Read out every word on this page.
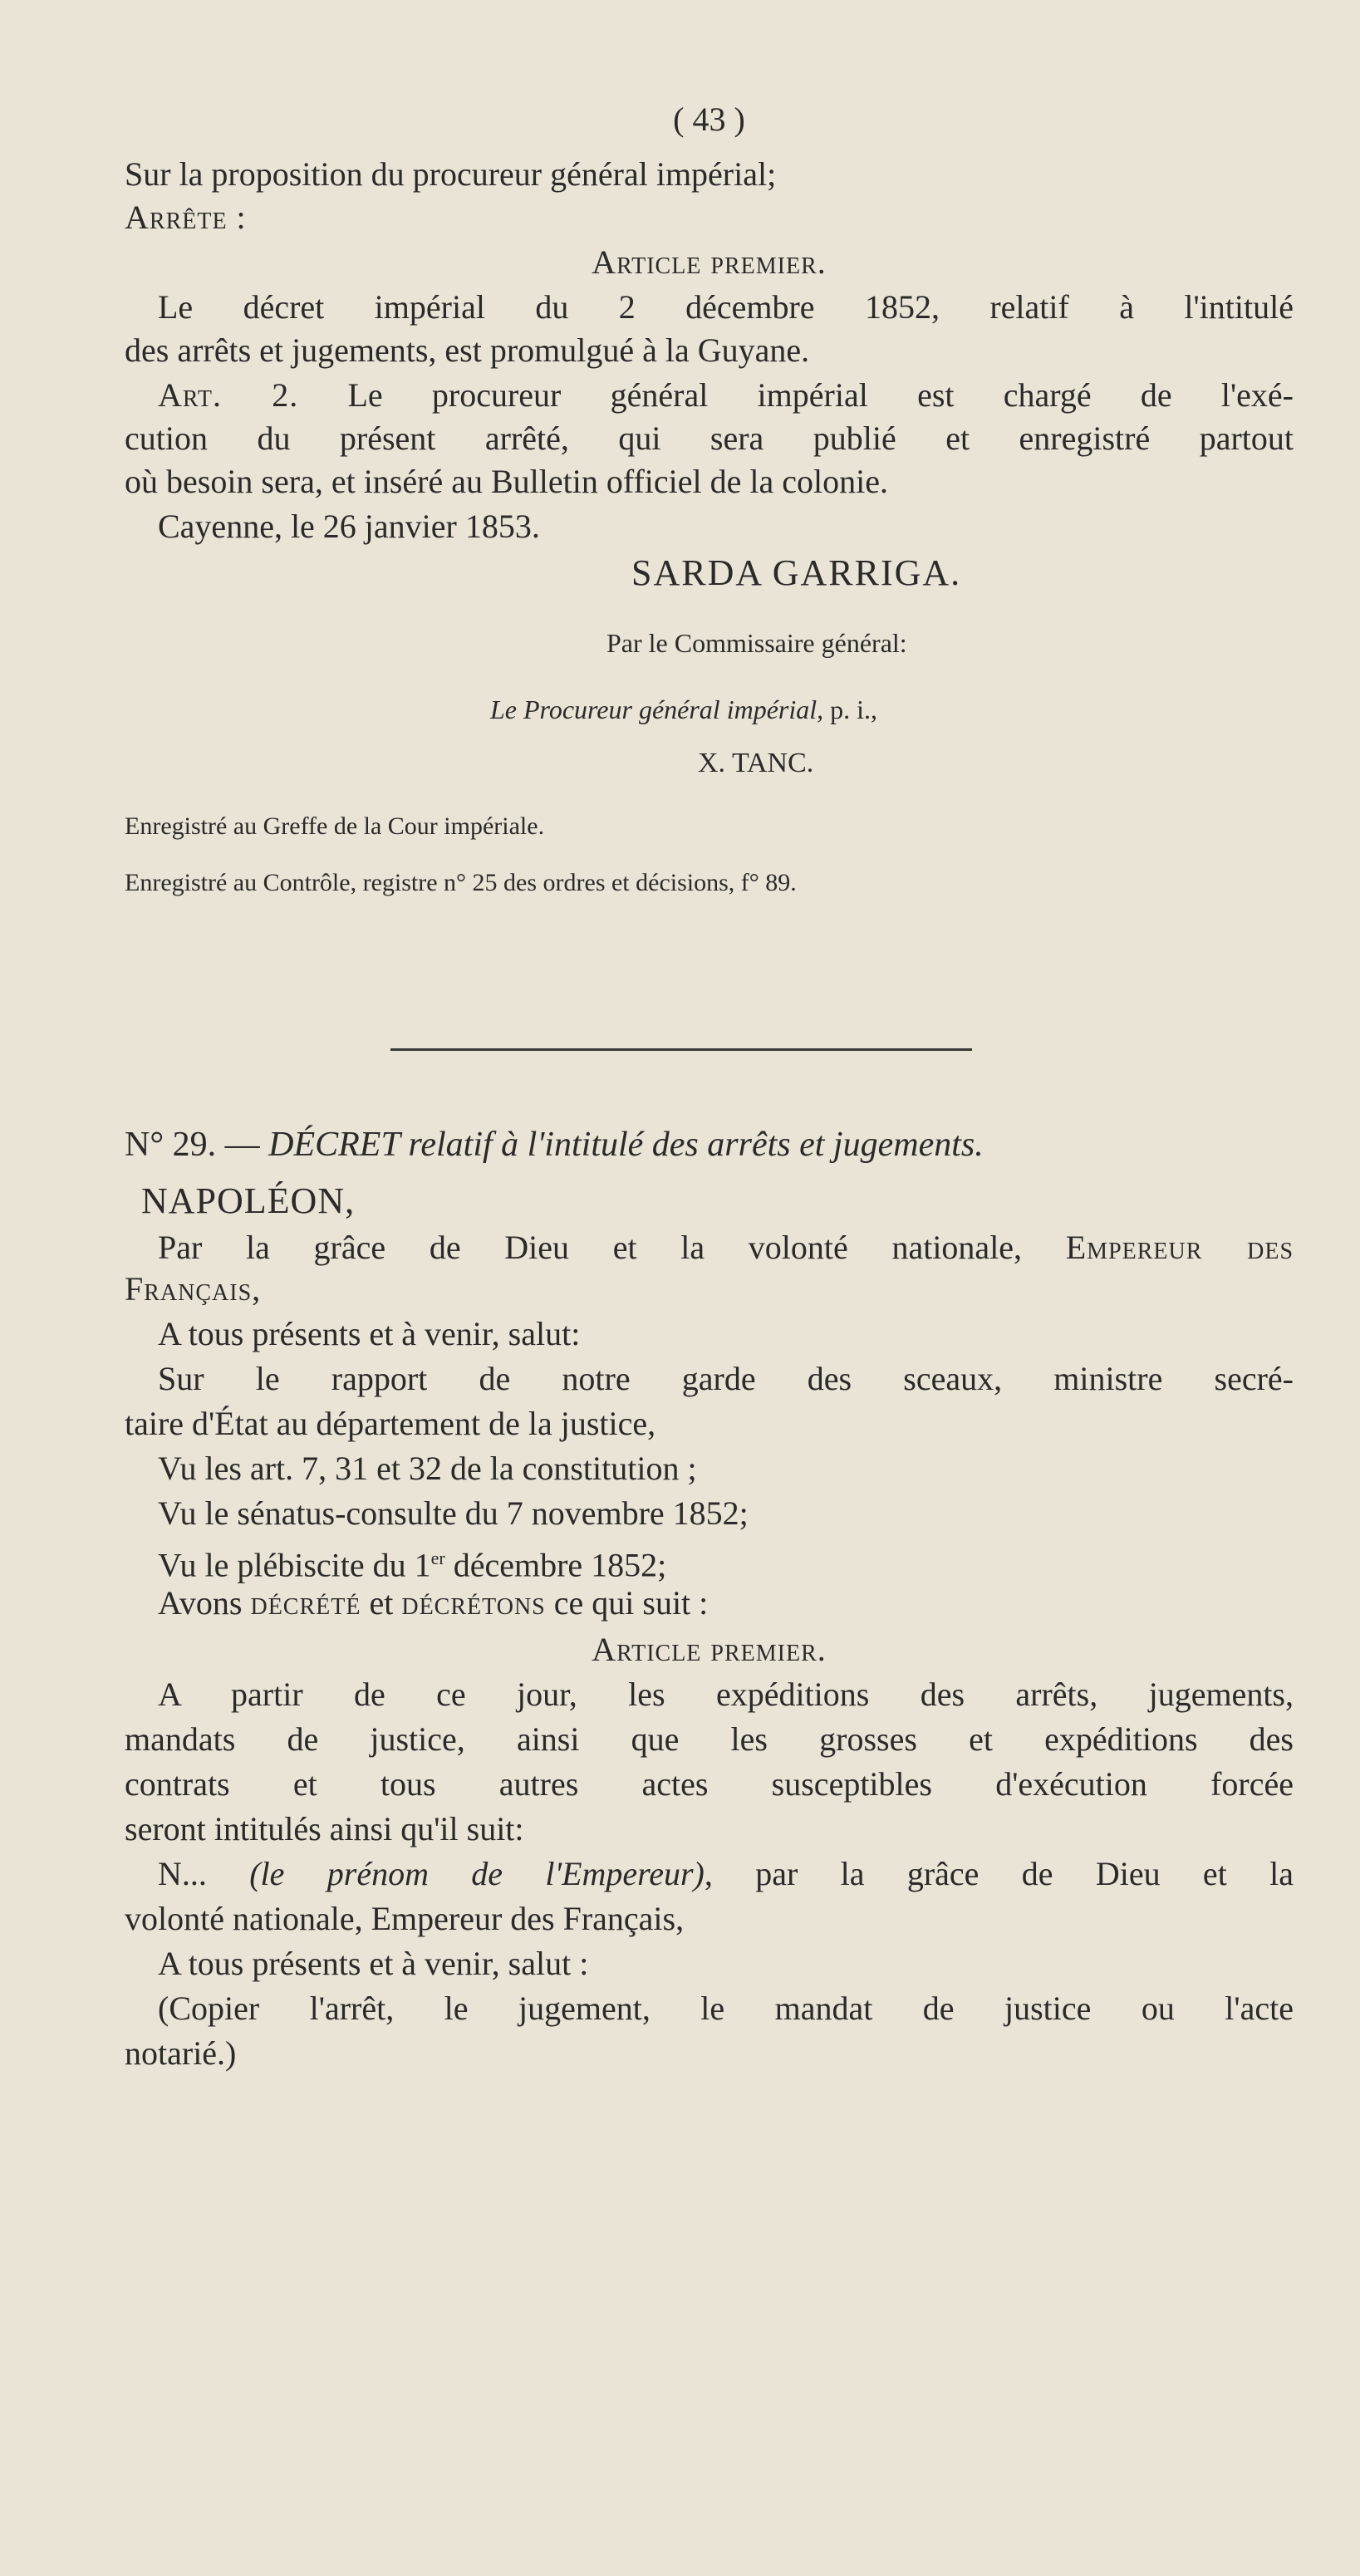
( 43 )
Sur la proposition du procureur général impérial;
Arrête :
Article premier.
Le décret impérial du 2 décembre 1852, relatif à l'intitulé
des arrêts et jugements, est promulgué à la Guyane.
Art. 2. Le procureur général impérial est chargé de l'exé-
cution du présent arrêté, qui sera publié et enregistré partout
où besoin sera, et inséré au Bulletin officiel de la colonie.
Cayenne, le 26 janvier 1853.
SARDA GARRIGA.
Par le Commissaire général:
Le Procureur général impérial, p. i.,
X. TANC.
Enregistré au Greffe de la Cour impériale.
Enregistré au Contrôle, registre n° 25 des ordres et décisions, f° 89.
N° 29. — DÉCRET relatif à l'intitulé des arrêts et jugements.
NAPOLÉON,
Par la grâce de Dieu et la volonté nationale, Empereur des
Français,
A tous présents et à venir, salut:
Sur le rapport de notre garde des sceaux, ministre secré-
taire d'État au département de la justice,
Vu les art. 7, 31 et 32 de la constitution ;
Vu le sénatus-consulte du 7 novembre 1852;
Vu le plébiscite du 1er décembre 1852;
Avons décrété et décrétons ce qui suit :
Article premier.
A partir de ce jour, les expéditions des arrêts, jugements,
mandats de justice, ainsi que les grosses et expéditions des
contrats et tous autres actes susceptibles d'exécution forcée
seront intitulés ainsi qu'il suit:
N... (le prénom de l'Empereur), par la grâce de Dieu et la
volonté nationale, Empereur des Français,
A tous présents et à venir, salut :
(Copier l'arrêt, le jugement, le mandat de justice ou l'acte
notarié.)
